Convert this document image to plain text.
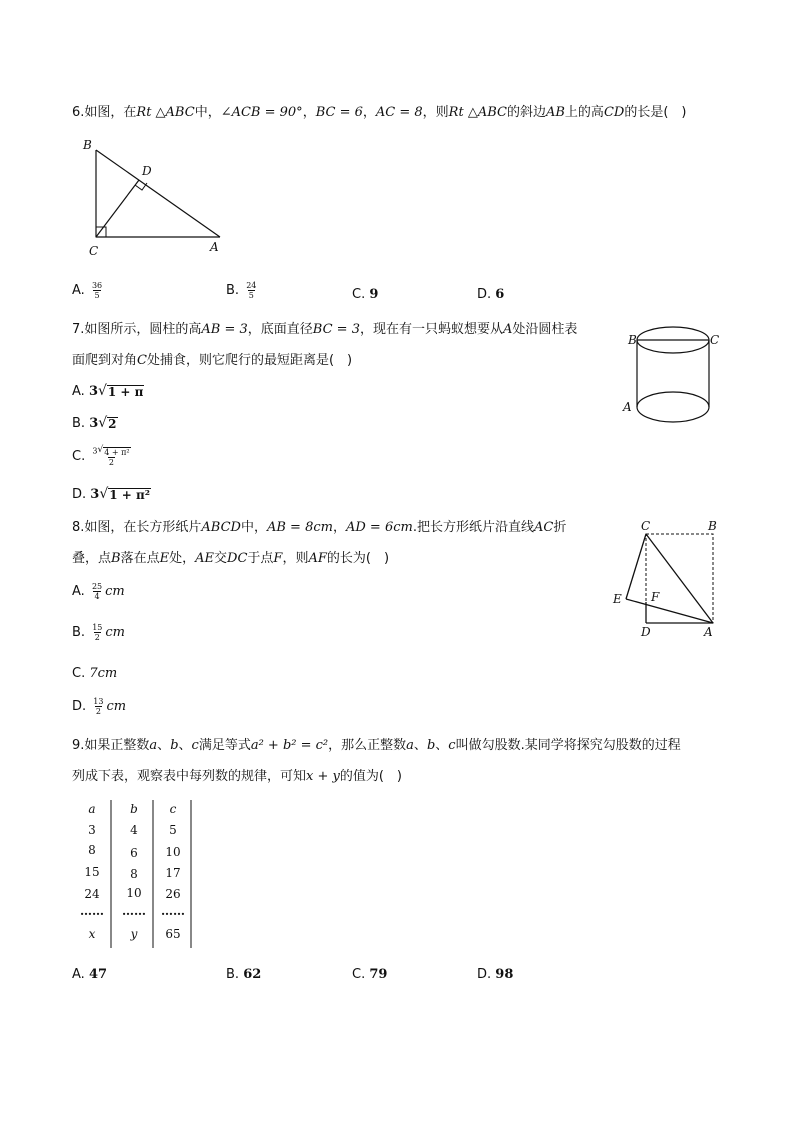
6.如图，在Rt △ABC中，∠ACB = 90°，BC = 6，AC = 8，则Rt △ABC的斜边AB上的高CD的长是(　)
B
D
C	A
A. $\frac{36}{5}$	B. $\frac{24}{5}$	C. 9	D. 6
7.如图所示，圆柱的高AB = 3，底面直径BC = 3，现在有一只蚂蚁想要从A处沿圆柱表
面爬到对角C处捕食，则它爬行的最短距离是(　)
B	C
A
A. 3 √ 1 + π
B. 3 √ 2
C. $\frac{\text{3 √ 4 + π²}}{2}$
D. 3 √ 1 + π²
8.如图，在长方形纸片ABCD中，AB = 8cm，AD = 6cm.把长方形纸片沿直线AC折
叠，点B落在点E处，AE交DC于点F，则AF的长为(　)
C	B
E F
D	A
A. $\frac{25}{4}$ cm
B. $\frac{15}{2}$ cm
C. 7cm
D. $\frac{13}{2}$ cm
9.如果正整数a、b、c满足等式a² + b² = c²，那么正整数a、b、c叫做勾股数.某同学将探究勾股数的过程
列成下表，观察表中每列数的规律，可知x + y的值为(　)
a	b	c
3	4	5
8	6	10
15	8	17
24	10	26
……	……	……
x	y	65
A. 47	B. 62	C. 79	D. 98
